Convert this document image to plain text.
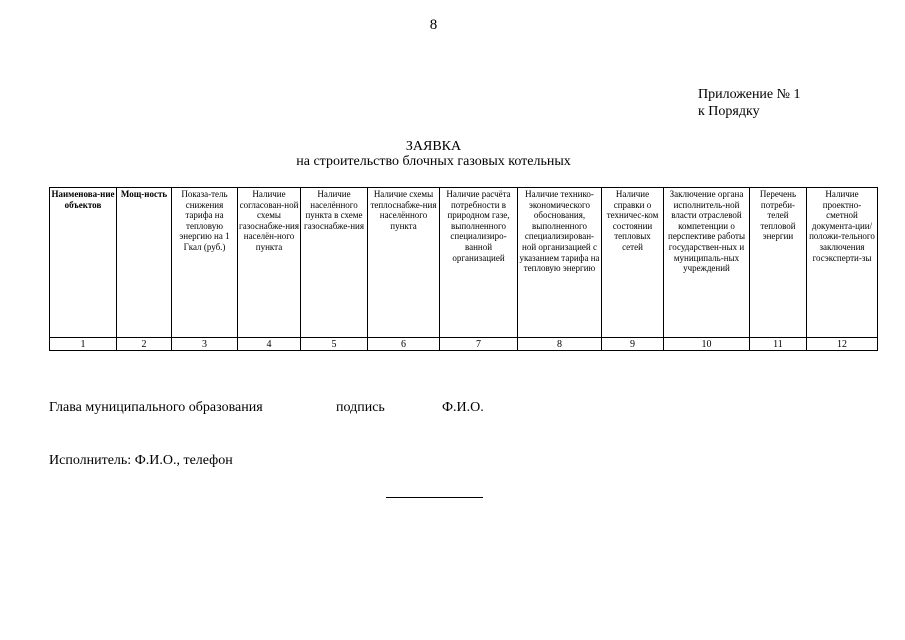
8
Приложение № 1
к Порядку
ЗАЯВКА
на строительство блочных газовых котельных
Наименова-ние объектов	Мощ-ность	Показа-тель снижения тарифа на тепловую энергию на 1 Гкал (руб.)	Наличие согласован-ной схемы газоснабже-ния населён-ного пункта	Наличие населённого пункта в схеме газоснабже-ния	Наличие схемы теплоснабже-ния населённого пункта	Наличие расчёта потребности в природном газе, выполненного специализиро-ванной организацией	Наличие технико-экономического обоснования, выполненного специализирован-ной организацией с указанием тарифа на тепловую энергию	Наличие справки о техничес-ком состоянии тепловых сетей	Заключение органа исполнитель-ной власти отраслевой компетенции о перспективе работы государствен-ных и муниципаль-ных учреждений	Перечень потреби-телей тепловой энергии	Наличие проектно-сметной документа-ции/положи-тельного заключения госэксперти-зы
1	2	3	4	5	6	7	8	9	10	11	12
Глава муниципального образования	подпись	Ф.И.О.
Исполнитель: Ф.И.О., телефон
